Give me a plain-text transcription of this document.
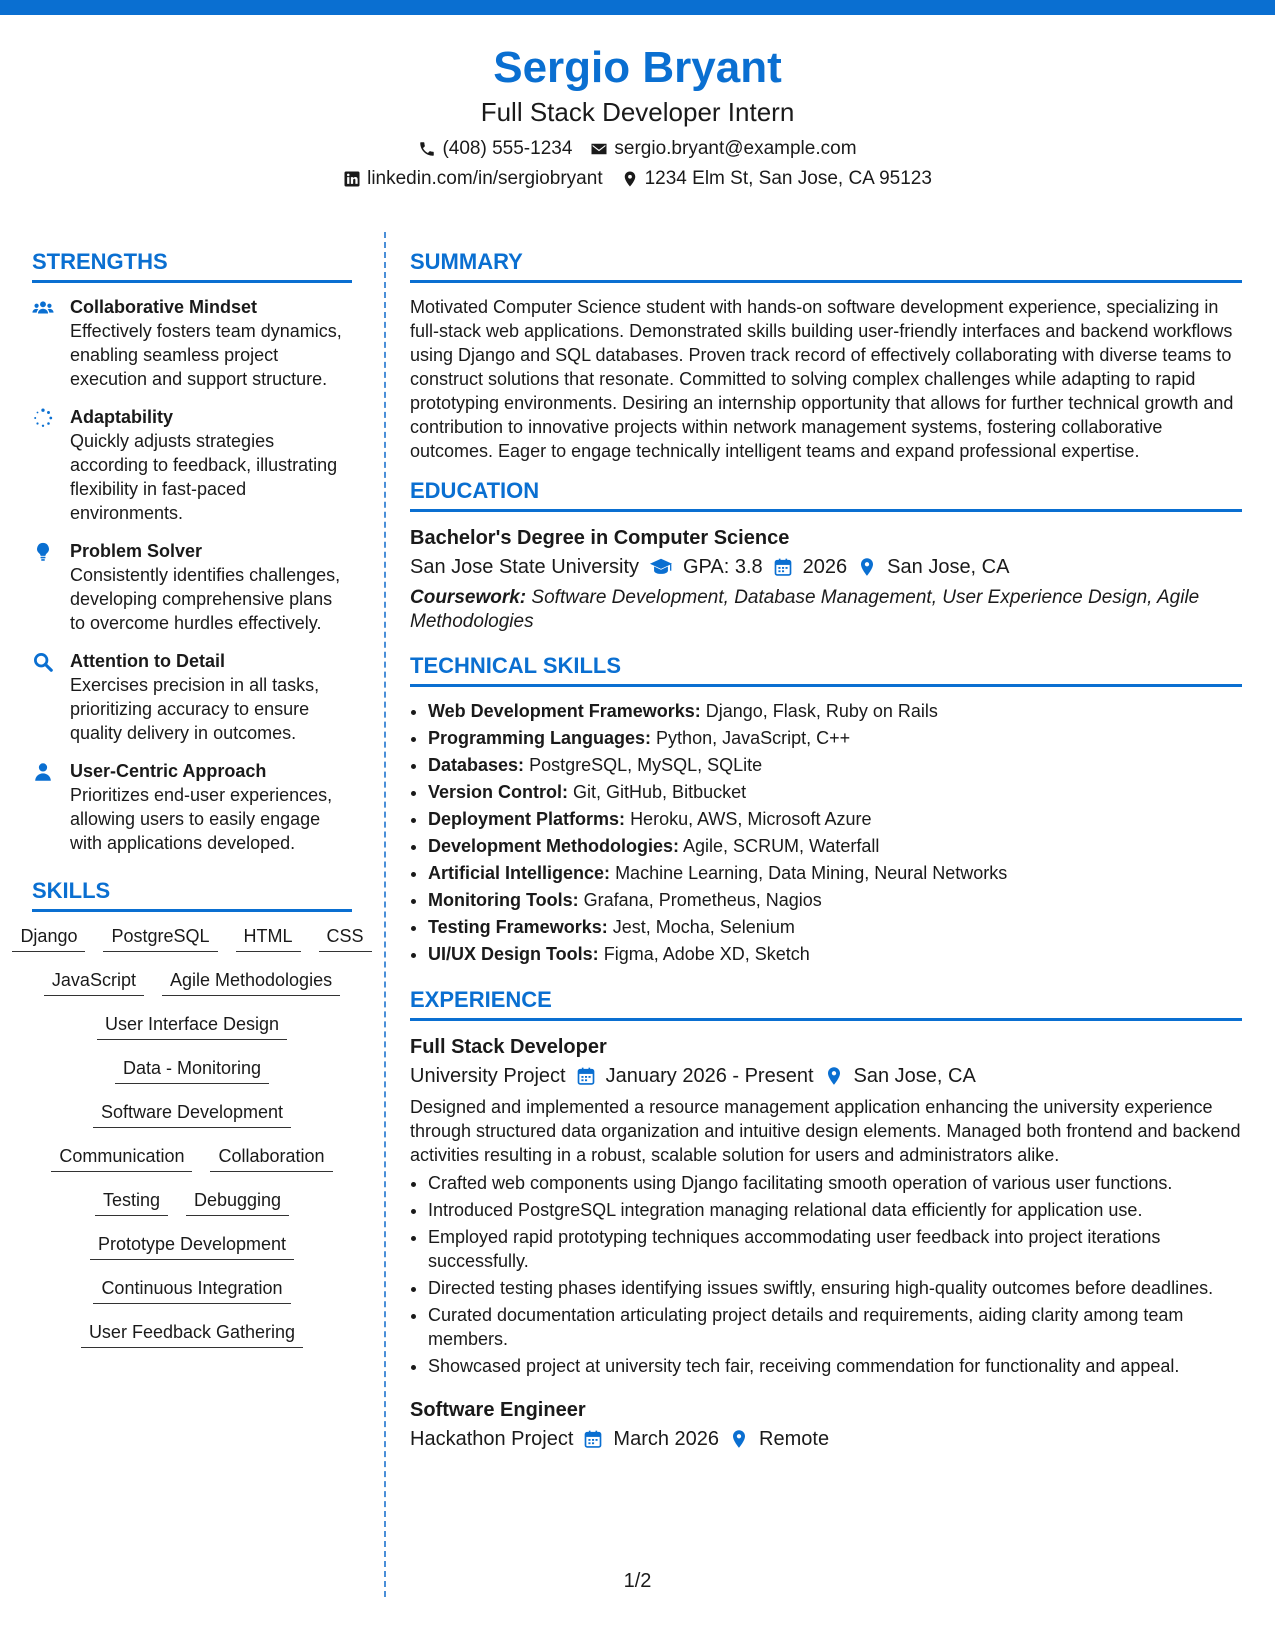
Sergio Bryant
Full Stack Developer Intern
(408) 555-1234 sergio.bryant@example.com
linkedin.com/in/sergiobryant 1234 Elm St, San Jose, CA 95123
STRENGTHS
Collaborative Mindset
Effectively fosters team dynamics, enabling seamless project execution and support structure.
Adaptability
Quickly adjusts strategies according to feedback, illustrating flexibility in fast-paced environments.
Problem Solver
Consistently identifies challenges, developing comprehensive plans to overcome hurdles effectively.
Attention to Detail
Exercises precision in all tasks, prioritizing accuracy to ensure quality delivery in outcomes.
User-Centric Approach
Prioritizes end-user experiences, allowing users to easily engage with applications developed.
SKILLS
Django	PostgreSQL	HTML	CSS
JavaScript	Agile Methodologies
User Interface Design
Data - Monitoring
Software Development
Communication	Collaboration
Testing	Debugging
Prototype Development
Continuous Integration
User Feedback Gathering
SUMMARY
Motivated Computer Science student with hands-on software development experience, specializing in full-stack web applications. Demonstrated skills building user-friendly interfaces and backend workflows using Django and SQL databases. Proven track record of effectively collaborating with diverse teams to construct solutions that resonate. Committed to solving complex challenges while adapting to rapid prototyping environments. Desiring an internship opportunity that allows for further technical growth and contribution to innovative projects within network management systems, fostering collaborative outcomes. Eager to engage technically intelligent teams and expand professional expertise.
EDUCATION
Bachelor's Degree in Computer Science
San Jose State University GPA: 3.8 2026 San Jose, CA
Coursework: Software Development, Database Management, User Experience Design, Agile Methodologies
TECHNICAL SKILLS
• Web Development Frameworks: Django, Flask, Ruby on Rails
• Programming Languages: Python, JavaScript, C++
• Databases: PostgreSQL, MySQL, SQLite
• Version Control: Git, GitHub, Bitbucket
• Deployment Platforms: Heroku, AWS, Microsoft Azure
• Development Methodologies: Agile, SCRUM, Waterfall
• Artificial Intelligence: Machine Learning, Data Mining, Neural Networks
• Monitoring Tools: Grafana, Prometheus, Nagios
• Testing Frameworks: Jest, Mocha, Selenium
• UI/UX Design Tools: Figma, Adobe XD, Sketch
EXPERIENCE
Full Stack Developer
University Project January 2026 - Present San Jose, CA
Designed and implemented a resource management application enhancing the university experience through structured data organization and intuitive design elements. Managed both frontend and backend activities resulting in a robust, scalable solution for users and administrators alike.
• Crafted web components using Django facilitating smooth operation of various user functions.
• Introduced PostgreSQL integration managing relational data efficiently for application use.
• Employed rapid prototyping techniques accommodating user feedback into project iterations successfully.
• Directed testing phases identifying issues swiftly, ensuring high-quality outcomes before deadlines.
• Curated documentation articulating project details and requirements, aiding clarity among team members.
• Showcased project at university tech fair, receiving commendation for functionality and appeal.
Software Engineer
Hackathon Project March 2026 Remote
1/2
